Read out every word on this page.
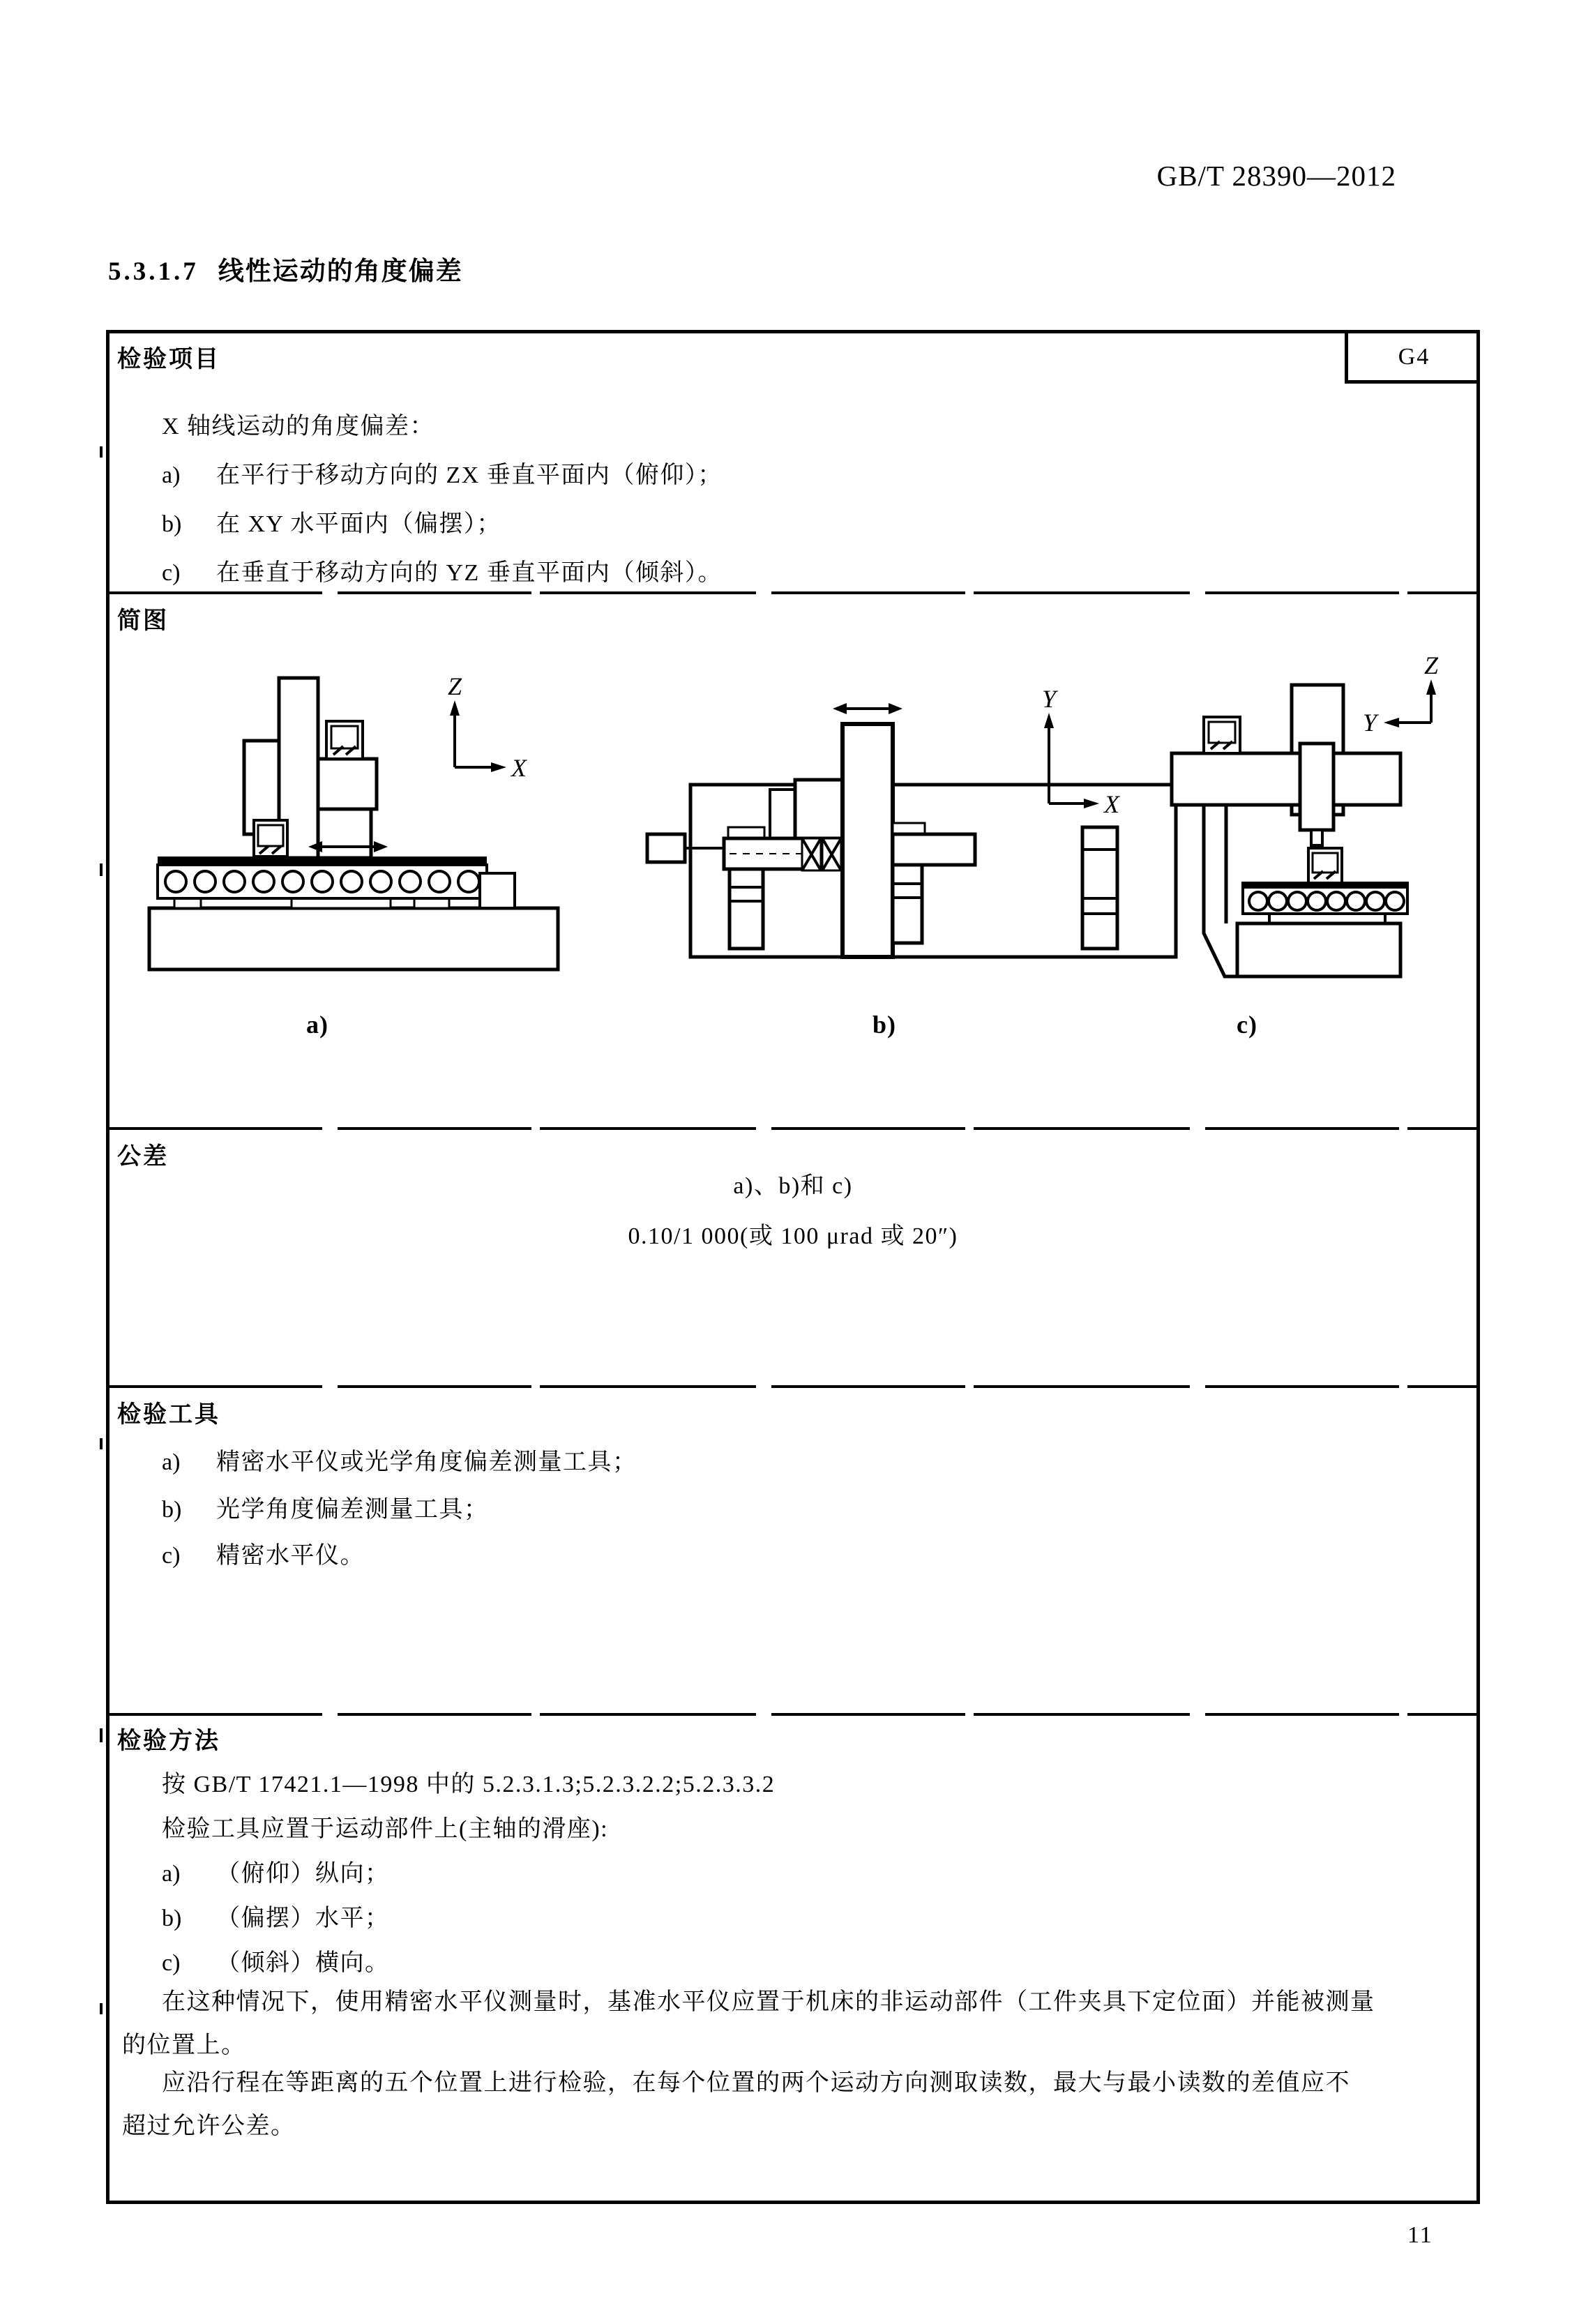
GB/T 28390—2012
5.3.1.7 线性运动的角度偏差
G4
检验项目
X 轴线运动的角度偏差：
a) 在平行于移动方向的 ZX 垂直平面内（俯仰）；
b) 在 XY 水平面内（偏摆）；
c) 在垂直于移动方向的 YZ 垂直平面内（倾斜）。
简图
Z
X
Y
X
Z
Y
a)	b)	c)
公差
a)、b)和 c)
0.10/1 000(或 100 μrad 或 20″)
检验工具
a) 精密水平仪或光学角度偏差测量工具；
b) 光学角度偏差测量工具；
c) 精密水平仪。
检验方法
按 GB/T 17421.1—1998 中的 5.2.3.1.3;5.2.3.2.2;5.2.3.3.2
检验工具应置于运动部件上(主轴的滑座):
a) （俯仰）纵向；
b) （偏摆）水平；
c) （倾斜）横向。
在这种情况下，使用精密水平仪测量时，基准水平仪应置于机床的非运动部件（工件夹具下定位面）并能被测量
的位置上。
应沿行程在等距离的五个位置上进行检验，在每个位置的两个运动方向测取读数，最大与最小读数的差值应不
超过允许公差。
11
